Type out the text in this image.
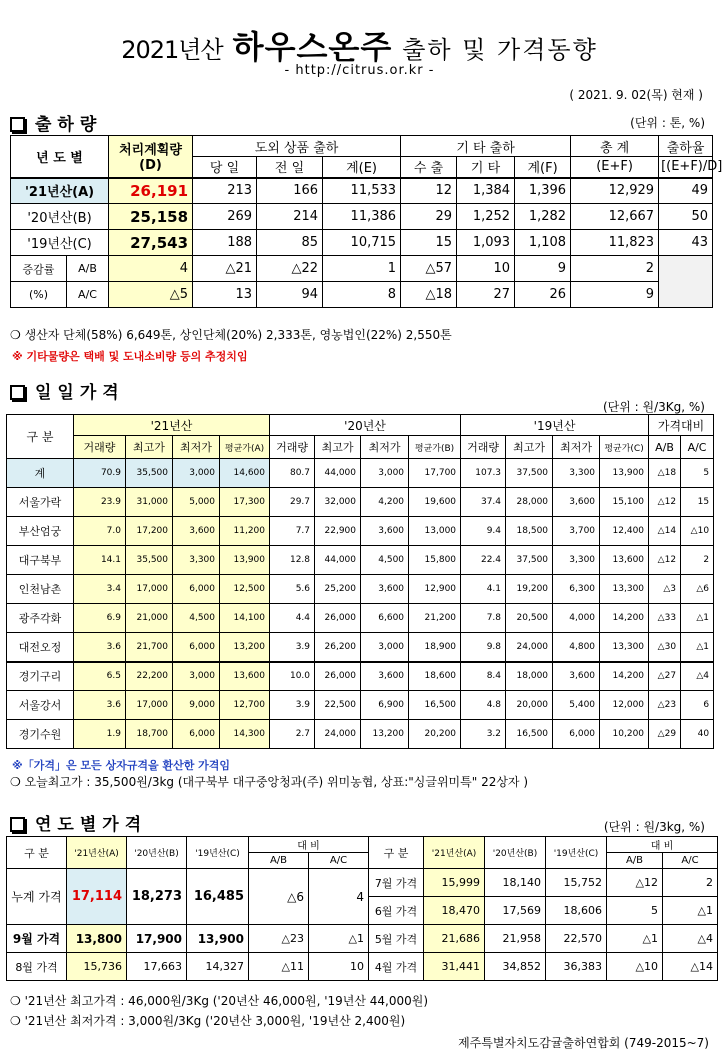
2021년산 하우스온주 출하 및 가격동향
- http://citrus.or.kr -
( 2021. 9. 02(목) 현재 )
출하량	(단위 : 톤, %)
년 도 별		처리계획량
(D)	도외 상품 출하			기 타 출하			총 계	출하율
			당 일	전 일	계(E)	수 출	기 타	계(F)	(E+F)	[(E+F)/D]
'21년산(A)		26,191	213	166	11,533	12	1,384	1,396	12,929	49
'20년산(B)		25,158	269	214	11,386	29	1,252	1,282	12,667	50
'19년산(C)		27,543	188	85	10,715	15	1,093	1,108	11,823	43
증감률	A/B	4	△21	△22	1	△57	10	9	2	
(%)	A/C	△5	13	94	8	△18	27	26	9	
❍ 생산자 단체(58%) 6,649톤, 상인단체(20%) 2,333톤, 영농법인(22%) 2,550톤
※ 기타물량은 택배 및 도내소비량 등의 추정치임
일일가격
(단위 : 원/3Kg, %)
구 분	'21년산				'20년산				'19년산				가격대비	
	거래량	최고가	최저가	평균가(A)	거래량	최고가	최저가	평균가(B)	거래량	최고가	최저가	평균가(C)	A/B	A/C
계	70.9	35,500	3,000	14,600	80.7	44,000	3,000	17,700	107.3	37,500	3,300	13,900	△18	5
서울가락	23.9	31,000	5,000	17,300	29.7	32,000	4,200	19,600	37.4	28,000	3,600	15,100	△12	15
부산엄궁	7.0	17,200	3,600	11,200	7.7	22,900	3,600	13,000	9.4	18,500	3,700	12,400	△14	△10
대구북부	14.1	35,500	3,300	13,900	12.8	44,000	4,500	15,800	22.4	37,500	3,300	13,600	△12	2
인천남촌	3.4	17,000	6,000	12,500	5.6	25,200	3,600	12,900	4.1	19,200	6,300	13,300	△3	△6
광주각화	6.9	21,000	4,500	14,100	4.4	26,000	6,600	21,200	7.8	20,500	4,000	14,200	△33	△1
대전오정	3.6	21,700	6,000	13,200	3.9	26,200	3,000	18,900	9.8	24,000	4,800	13,300	△30	△1
경기구리	6.5	22,200	3,000	13,600	10.0	26,000	3,600	18,600	8.4	18,000	3,600	14,200	△27	△4
서울강서	3.6	17,000	9,000	12,700	3.9	22,500	6,900	16,500	4.8	20,000	5,400	12,000	△23	6
경기수원	1.9	18,700	6,000	14,300	2.7	24,000	13,200	20,200	3.2	16,500	6,000	10,200	△29	40
※「가격」은 모든 상자규격을 환산한 가격임
❍ 오늘최고가 : 35,500원/3kg (대구북부 대구중앙청과(주) 위미농협, 상표:"싱글위미특" 22상자 )
연도별가격	(단위 : 원/3kg, %)
구 분	'21년산(A)	'20년산(B)	'19년산(C)	대 비		구 분	'21년산(A)	'20년산(B)	'19년산(C)	대 비	
				A/B	A/C					A/B	A/C
누계 가격	17,114	18,273	16,485	△6	4	7월 가격	15,999	18,140	15,752	△12	2
						6월 가격	18,470	17,569	18,606	5	△1
9월 가격	13,800	17,900	13,900	△23	△1	5월 가격	21,686	21,958	22,570	△1	△4
8월 가격	15,736	17,663	14,327	△11	10	4월 가격	31,441	34,852	36,383	△10	△14
❍ '21년산 최고가격 : 46,000원/3Kg ('20년산 46,000원, '19년산 44,000원)
❍ '21년산 최저가격 : 3,000원/3Kg ('20년산 3,000원, '19년산 2,400원)
제주특별자치도감귤출하연합회 (749-2015~7)
